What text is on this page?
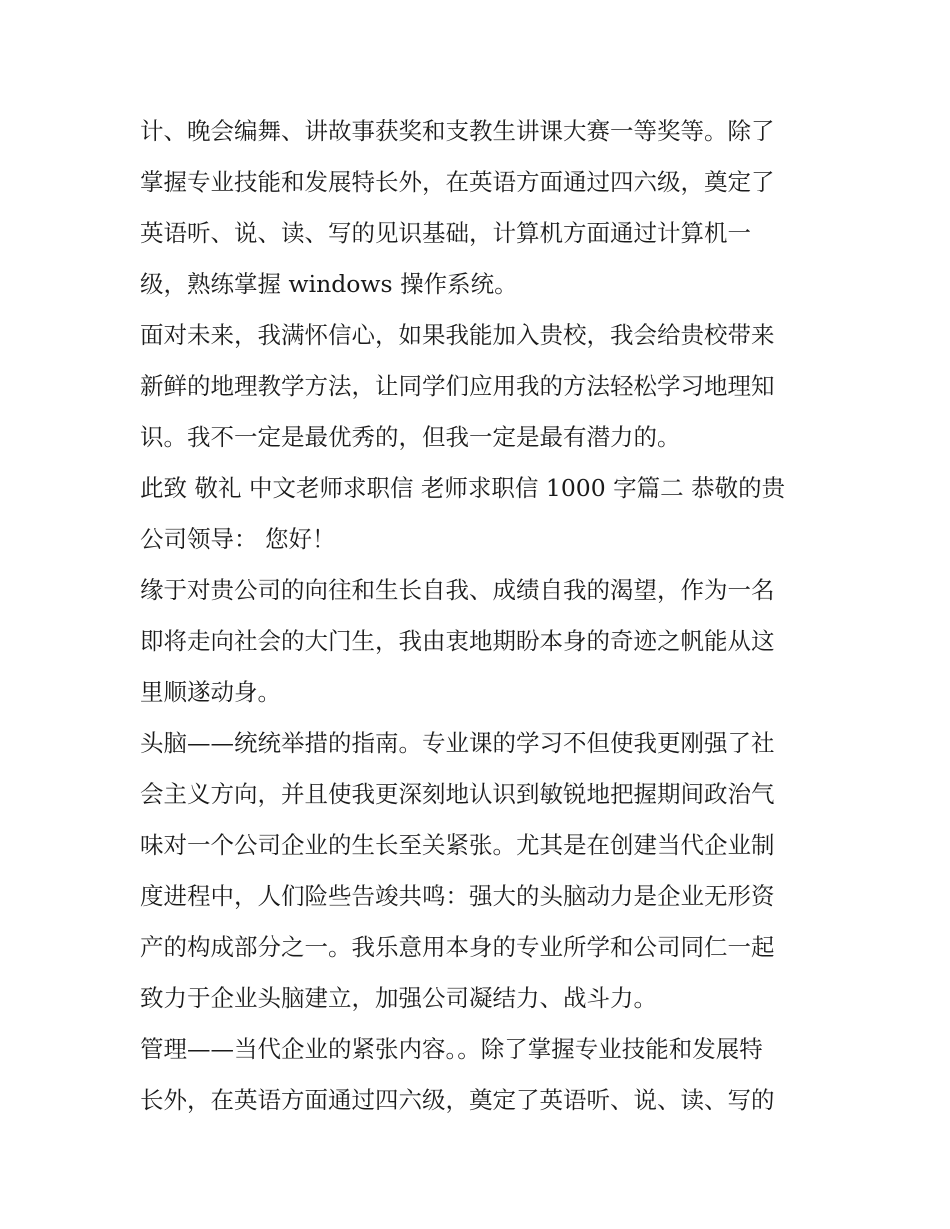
计、晚会编舞、讲故事获奖和支教生讲课大赛一等奖等。除了
掌握专业技能和发展特长外，在英语方面通过四六级，奠定了
英语听、说、读、写的见识基础，计算机方面通过计算机一
级，熟练掌握 windows 操作系统。
面对未来，我满怀信心，如果我能加入贵校，我会给贵校带来
新鲜的地理教学方法，让同学们应用我的方法轻松学习地理知
识。我不一定是最优秀的，但我一定是最有潜力的。
此致 敬礼 中文老师求职信 老师求职信 1000 字篇二 恭敬的贵
公司领导： 您好！
缘于对贵公司的向往和生长自我、成绩自我的渴望，作为一名
即将走向社会的大门生，我由衷地期盼本身的奇迹之帆能从这
里顺遂动身。
头脑——统统举措的指南。专业课的学习不但使我更刚强了社
会主义方向，并且使我更深刻地认识到敏锐地把握期间政治气
味对一个公司企业的生长至关紧张。尤其是在创建当代企业制
度进程中，人们险些告竣共鸣：强大的头脑动力是企业无形资
产的构成部分之一。我乐意用本身的专业所学和公司同仁一起
致力于企业头脑建立，加强公司凝结力、战斗力。
管理——当代企业的紧张内容。。除了掌握专业技能和发展特
长外，在英语方面通过四六级，奠定了英语听、说、读、写的
